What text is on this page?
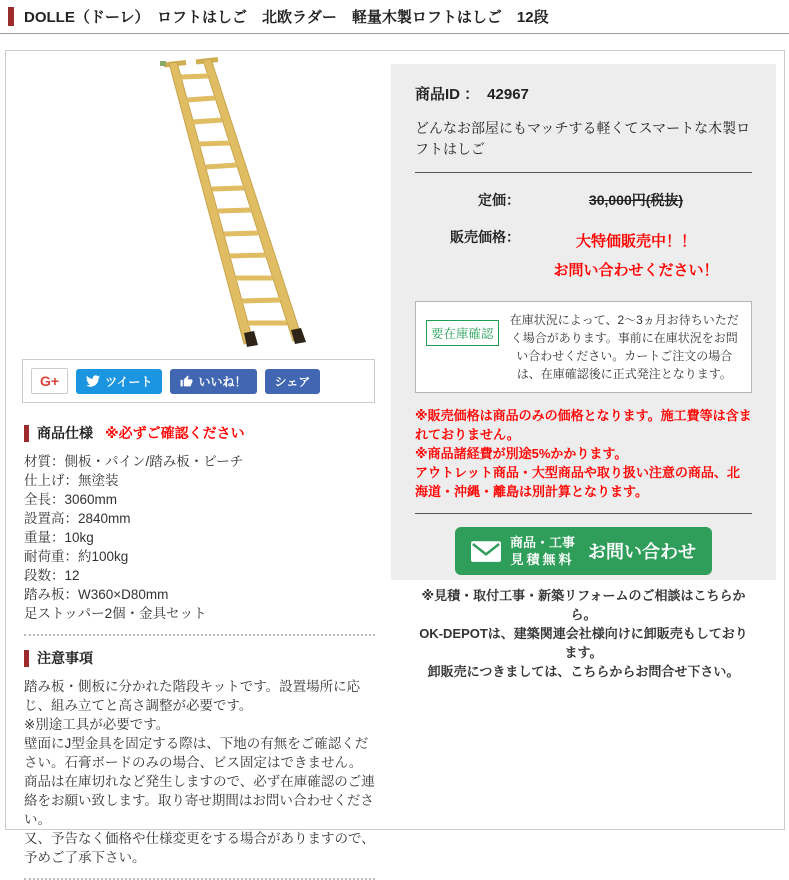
DOLLE（ドーレ）　ロフトはしご　北欧ラダー　軽量木製ロフトはしご　12段
G+	ツイート	いいね！ シェア
商品仕様 ※必ずご確認ください
材質：側板・パイン/踏み板・ビーチ
仕上げ：無塗装
全長：3060mm
設置高：2840mm
重量：10kg
耐荷重：約100kg
段数：12
踏み板：W360×D80mm
足ストッパー2個・金具セット
注意事項
踏み板・側板に分かれた階段キットです。設置場所に応じ、組み立てと高さ調整が必要です。
※別途工具が必要です。
壁面にJ型金具を固定する際は、下地の有無をご確認ください。石膏ボードのみの場合、ビス固定はできません。
商品は在庫切れなど発生しますので、必ず在庫確認のご連絡をお願い致します。取り寄せ期間はお問い合わせください。
又、予告なく価格や仕様変更をする場合がありますので、予めご了承下さい。
商品ID ： 42967
どんなお部屋にもマッチする軽くてスマートな木製ロフトはしご
定価：	30,000円(税抜)
販売価格：	大特価販売中！！
お問い合わせください！
要在庫確認
在庫状況によって、2～3ヵ月お待ちいただく場合があります。事前に在庫状況をお問い合わせください。カートご注文の場合は、在庫確認後に正式発注となります。
※販売価格は商品のみの価格となります。施工費等は含まれておりません。
※商品諸経費が別途5%かかります。
アウトレット商品・大型商品や取り扱い注意の商品、北海道・沖縄・離島は別計算となります。
商品・工事
見積無料 お問い合わせ
※見積・取付工事・新築リフォームのご相談はこちらから。
OK-DEPOTは、建築関連会社様向けに卸販売もしております。
卸販売につきましては、こちらからお問合せ下さい。
